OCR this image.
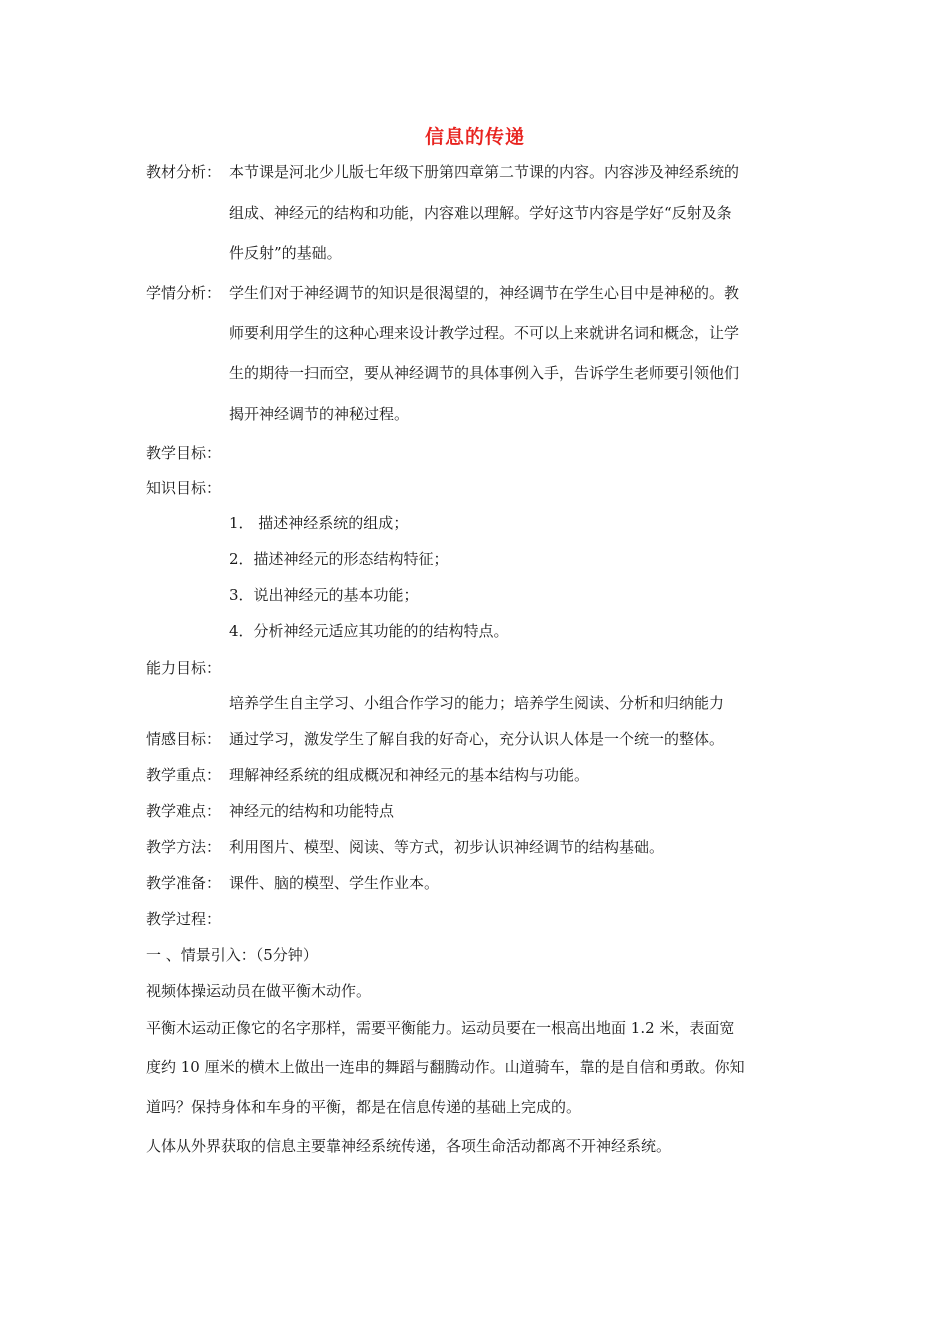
信息的传递
教材分析： 本节课是河北少儿版七年级下册第四章第二节课的内容。内容涉及神经系统的
组成、神经元的结构和功能，内容难以理解。学好这节内容是学好“反射及条
件反射”的基础。
学情分析： 学生们对于神经调节的知识是很渴望的，神经调节在学生心目中是神秘的。教
师要利用学生的这种心理来设计教学过程。不可以上来就讲名词和概念，让学
生的期待一扫而空，要从神经调节的具体事例入手，告诉学生老师要引领他们
揭开神经调节的神秘过程。
教学目标：
知识目标：
1． 描述神经系统的组成；
2．描述神经元的形态结构特征；
3．说出神经元的基本功能；
4．分析神经元适应其功能的的结构特点。
能力目标：
培养学生自主学习、小组合作学习的能力；培养学生阅读、分析和归纳能力
情感目标： 通过学习，激发学生了解自我的好奇心，充分认识人体是一个统一的整体。
教学重点： 理解神经系统的组成概况和神经元的基本结构与功能。
教学难点： 神经元的结构和功能特点
教学方法： 利用图片、模型、阅读、等方式，初步认识神经调节的结构基础。
教学准备： 课件、脑的模型、学生作业本。
教学过程：
一 、情景引入：（5分钟）
视频体操运动员在做平衡木动作。
平衡木运动正像它的名字那样，需要平衡能力。运动员要在一根高出地面 1.2 米，表面宽
度约 10 厘米的横木上做出一连串的舞蹈与翻腾动作。山道骑车，靠的是自信和勇敢。你知
道吗？保持身体和车身的平衡，都是在信息传递的基础上完成的。
人体从外界获取的信息主要靠神经系统传递，各项生命活动都离不开神经系统。
